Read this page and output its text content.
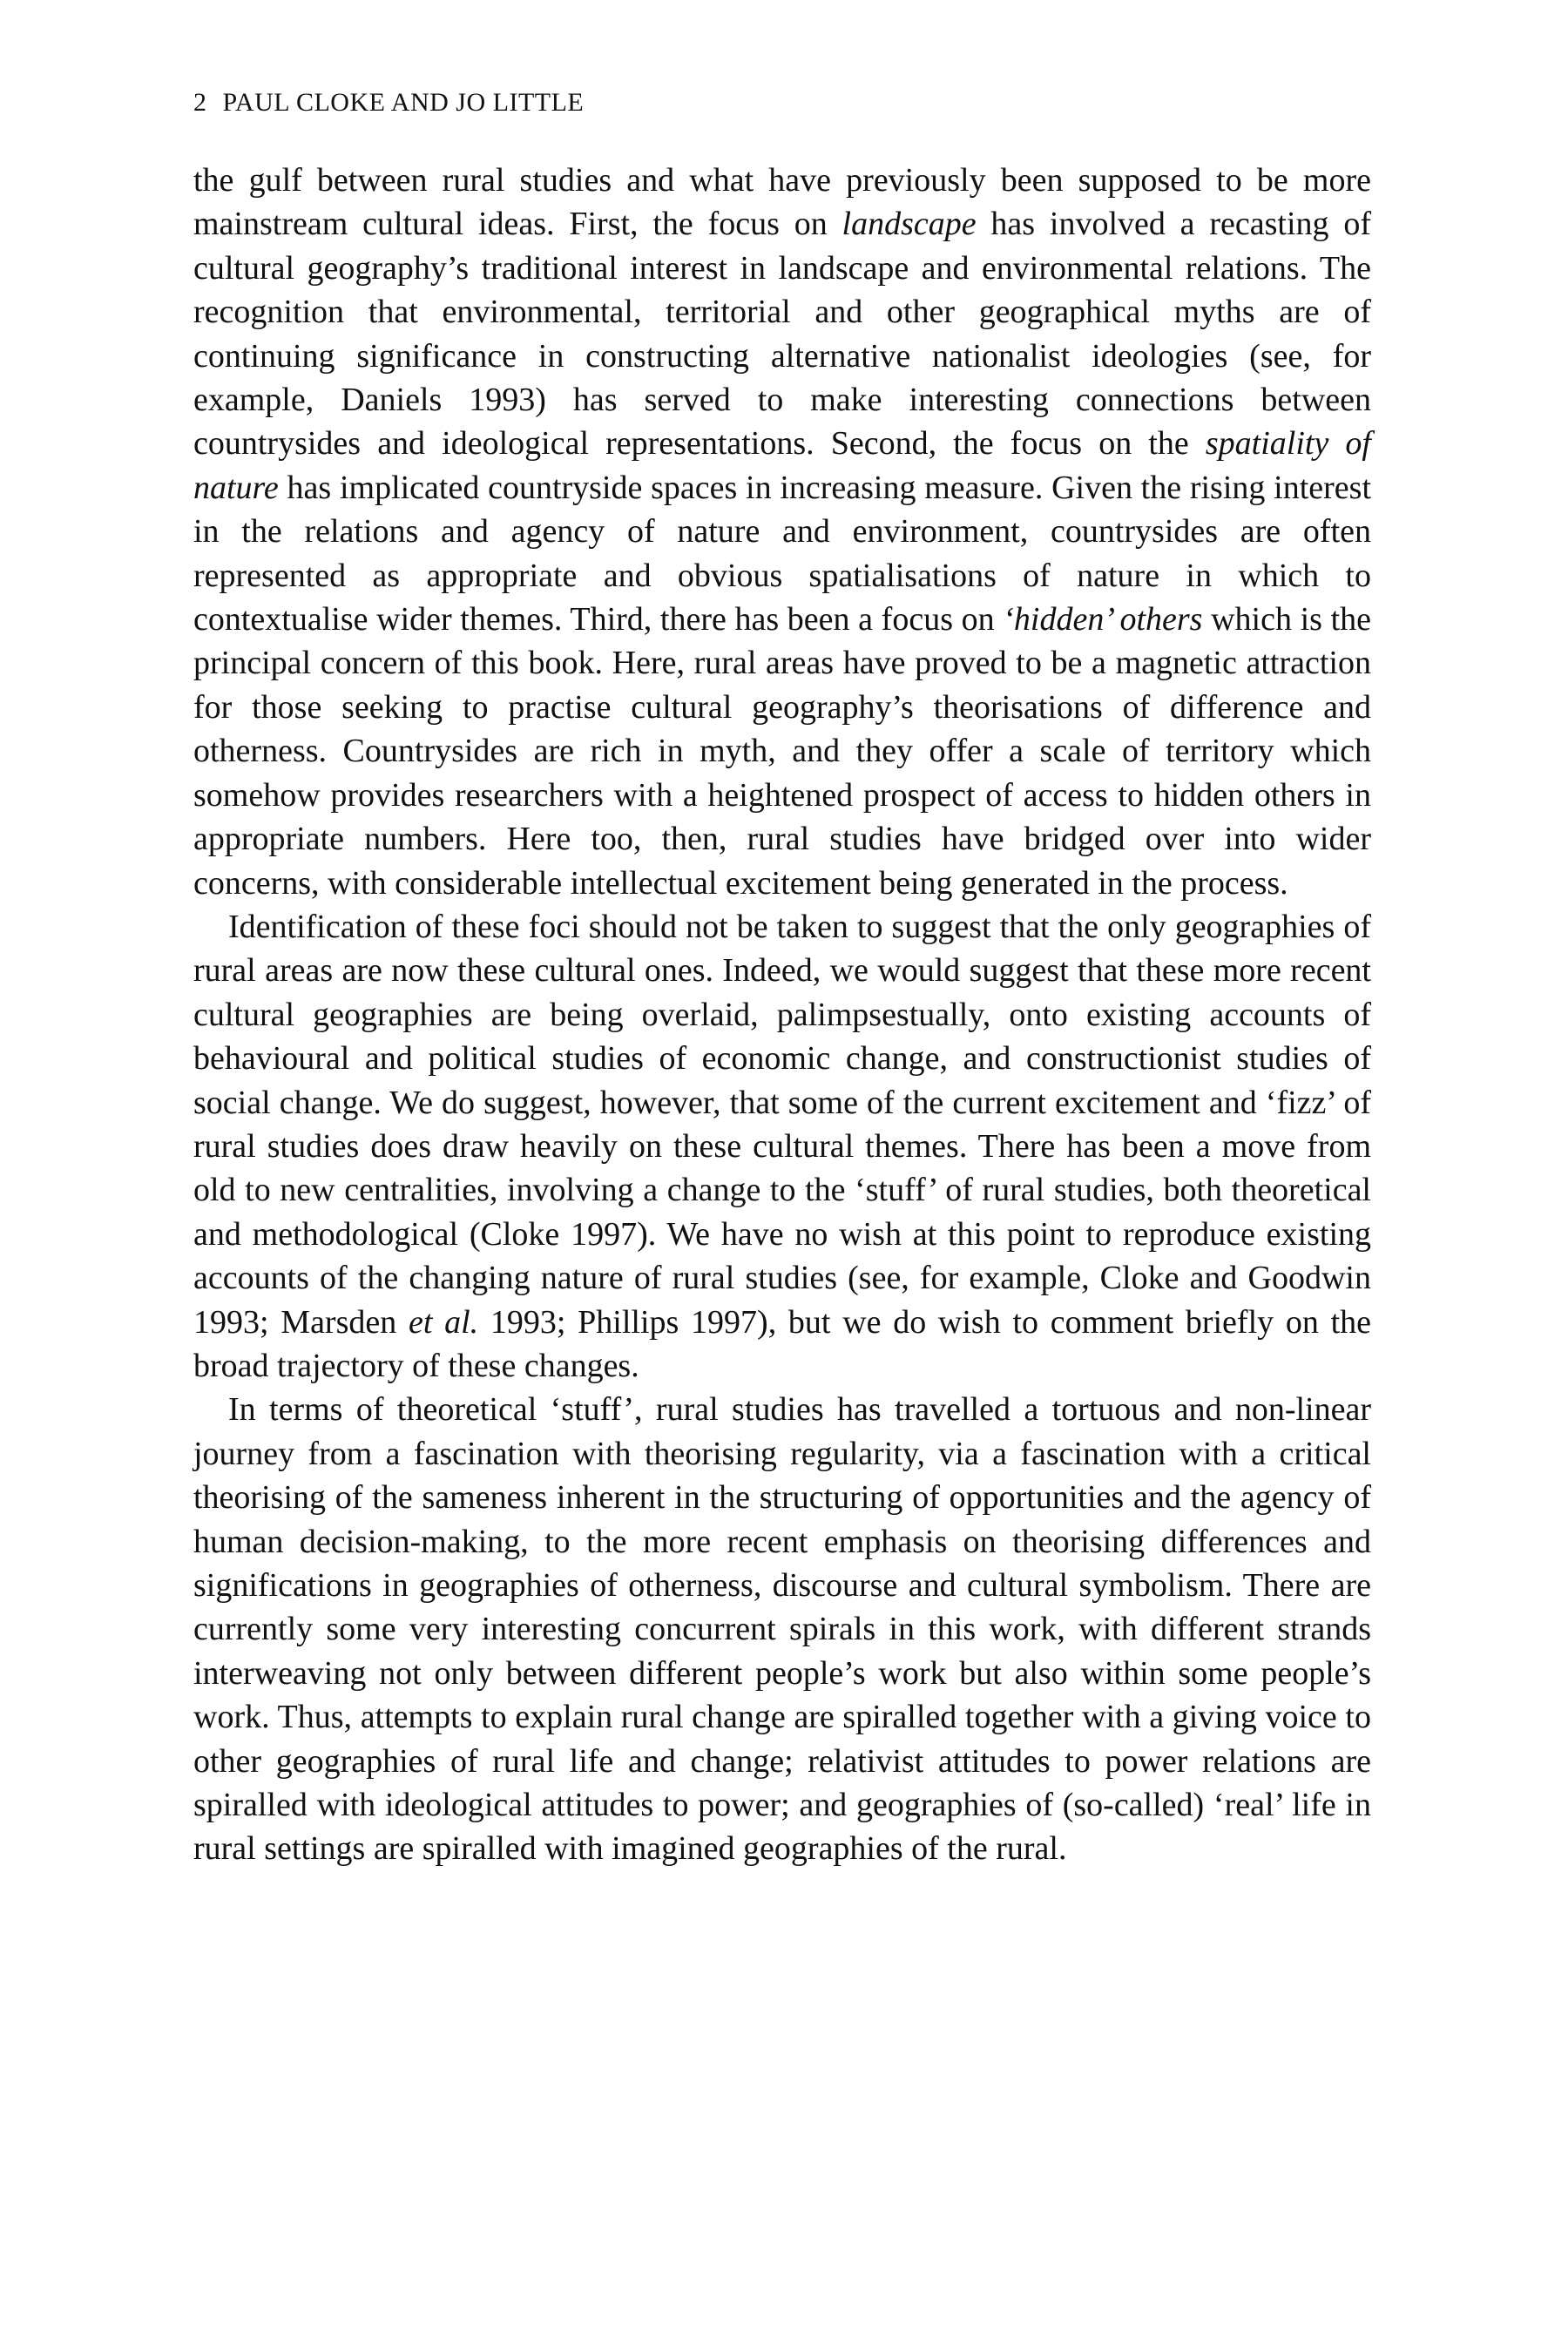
2 PAUL CLOKE AND JO LITTLE

the gulf between rural studies and what have previously been supposed to be more mainstream cultural ideas. First, the focus on landscape has involved a recasting of cultural geography’s traditional interest in landscape and environmental relations. The recognition that environmental, territorial and other geographical myths are of continuing significance in constructing alternative nationalist ideologies (see, for example, Daniels 1993) has served to make interesting connections between countrysides and ideological representations. Second, the focus on the spatiality of nature has implicated countryside spaces in increasing measure. Given the rising interest in the relations and agency of nature and environment, countrysides are often represented as appropriate and obvious spatialisations of nature in which to contextualise wider themes. Third, there has been a focus on ‘hidden’ others which is the principal concern of this book. Here, rural areas have proved to be a magnetic attraction for those seeking to practise cultural geography’s theorisations of difference and otherness. Countrysides are rich in myth, and they offer a scale of territory which somehow provides researchers with a heightened prospect of access to hidden others in appropriate numbers. Here too, then, rural studies have bridged over into wider concerns, with considerable intellectual excitement being generated in the process.

Identification of these foci should not be taken to suggest that the only geographies of rural areas are now these cultural ones. Indeed, we would suggest that these more recent cultural geographies are being overlaid, palimpsestually, onto existing accounts of behavioural and political studies of economic change, and constructionist studies of social change. We do suggest, however, that some of the current excitement and ‘fizz’ of rural studies does draw heavily on these cultural themes. There has been a move from old to new centralities, involving a change to the ‘stuff’ of rural studies, both theoretical and methodological (Cloke 1997). We have no wish at this point to reproduce existing accounts of the changing nature of rural studies (see, for example, Cloke and Goodwin 1993; Marsden et al. 1993; Phillips 1997), but we do wish to comment briefly on the broad trajectory of these changes.

In terms of theoretical ‘stuff’, rural studies has travelled a tortuous and non-linear journey from a fascination with theorising regularity, via a fascination with a critical theorising of the sameness inherent in the structuring of opportunities and the agency of human decision-making, to the more recent emphasis on theorising differences and significations in geographies of otherness, discourse and cultural symbolism. There are currently some very interesting concurrent spirals in this work, with different strands interweaving not only between different people’s work but also within some people’s work. Thus, attempts to explain rural change are spiralled together with a giving voice to other geographies of rural life and change; relativist attitudes to power relations are spiralled with ideological attitudes to power; and geographies of (so-called) ‘real’ life in rural settings are spiralled with imagined geographies of the rural.
